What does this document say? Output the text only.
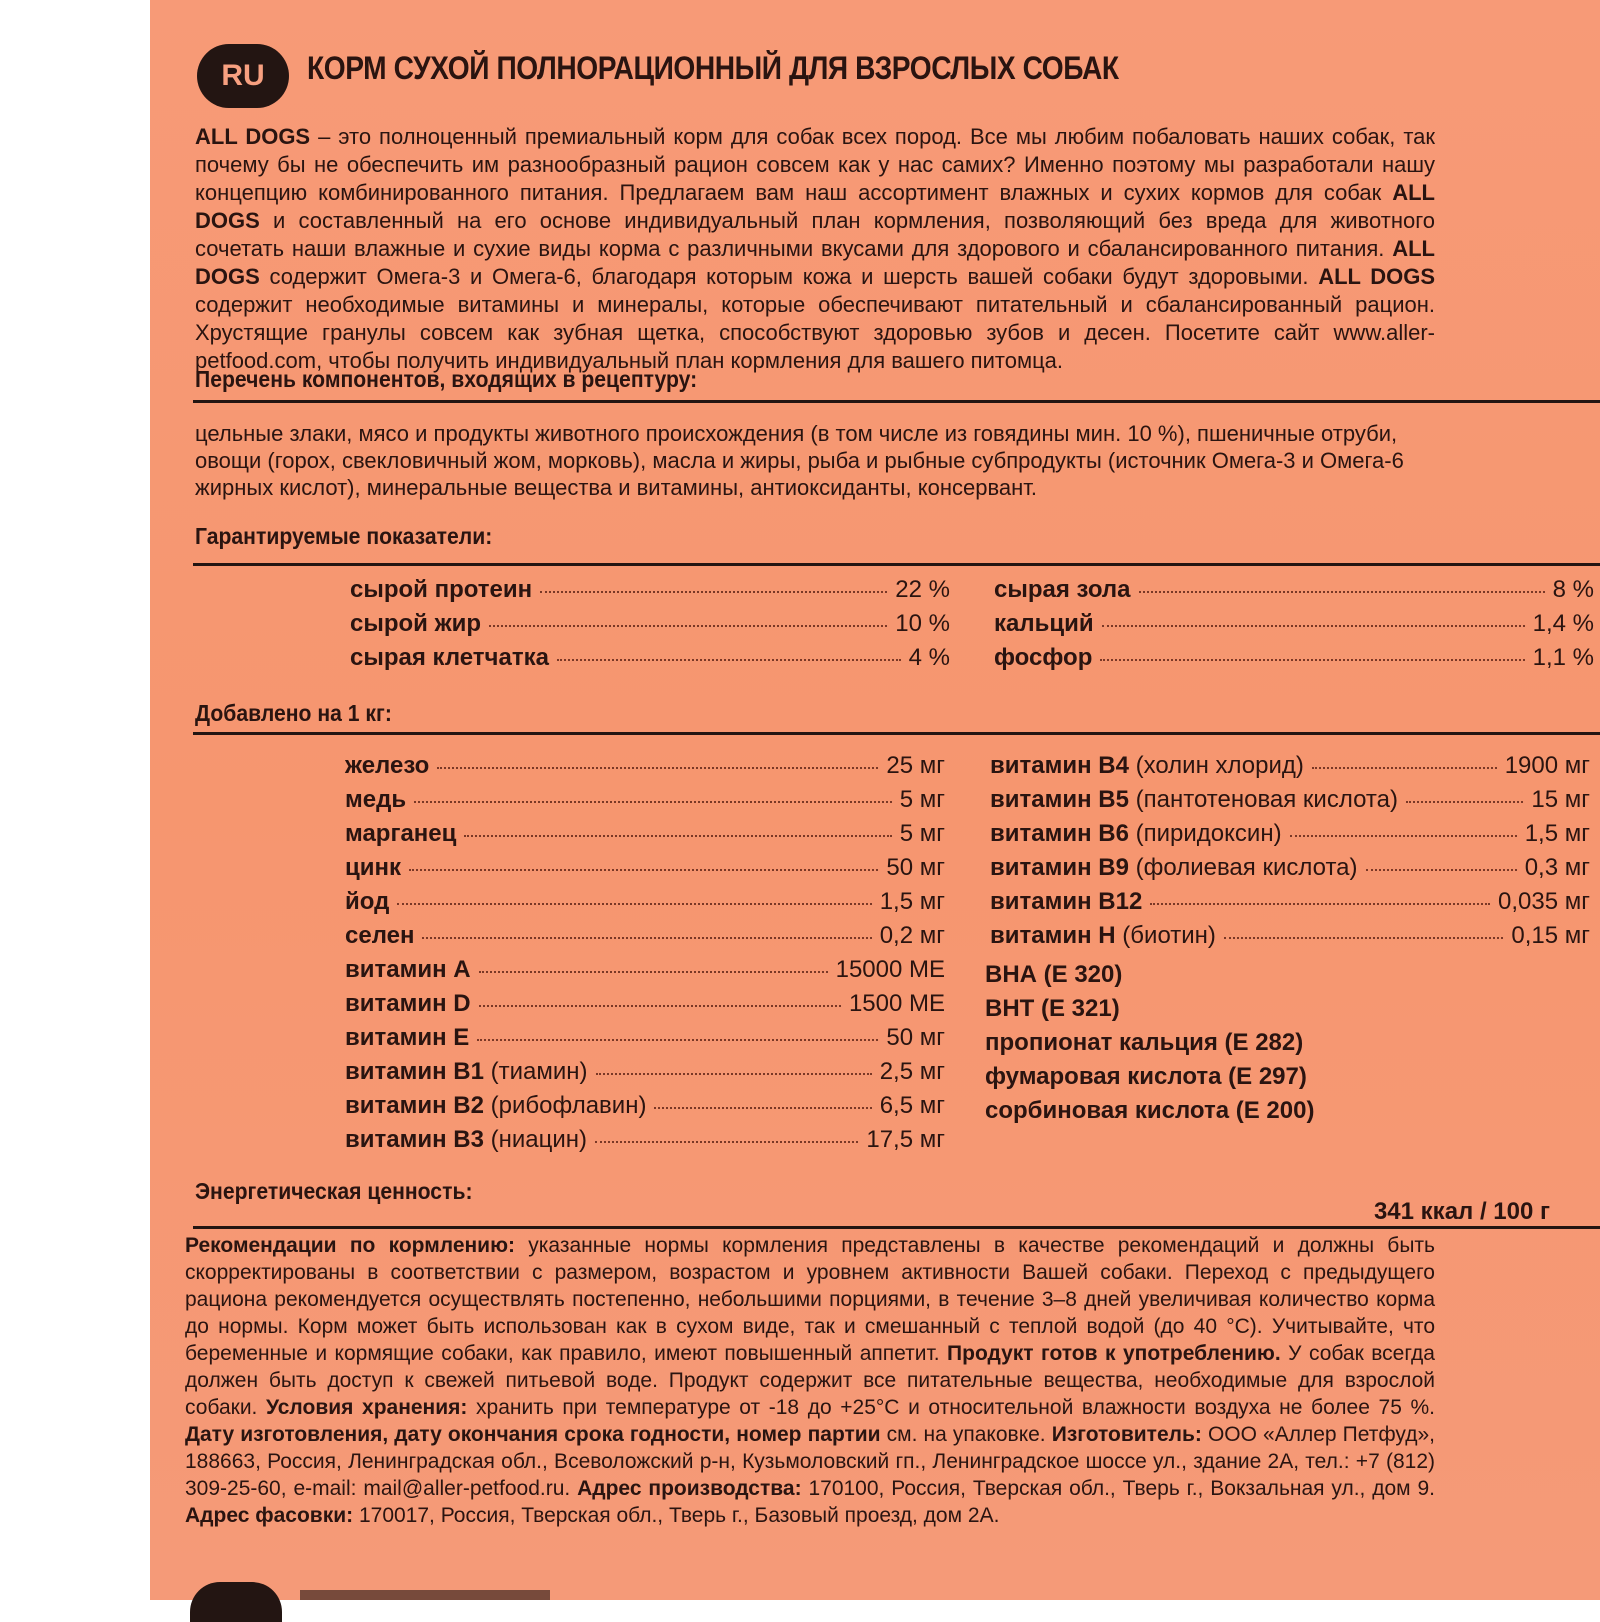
RU	КОРМ СУХОЙ ПОЛНОРАЦИОННЫЙ ДЛЯ ВЗРОСЛЫХ СОБАК
ALL DOGS – это полноценный премиальный корм для собак всех пород. Все мы любим побаловать наших собак, так почему бы не обеспечить им разнообразный рацион совсем как у нас самих? Именно поэтому мы разработали нашу концепцию комбинированного питания. Предлагаем вам наш ассортимент влажных и сухих кормов для собак ALL DOGS и составленный на его основе индивидуальный план кормления, позволяющий без вреда для животного сочетать наши влажные и сухие виды корма с различными вкусами для здорового и сбалансированного питания. ALL DOGS содержит Омега-3 и Омега-6, благодаря которым кожа и шерсть вашей собаки будут здоровыми. ALL DOGS содержит необходимые витамины и минералы, которые обеспечивают питательный и сбалансированный рацион. Хрустящие гранулы совсем как зубная щетка, способствуют здоровью зубов и десен. Посетите сайт www.aller-petfood.com, чтобы получить индивидуальный план кормления для вашего питомца.
Перечень компонентов, входящих в рецептуру:
цельные злаки, мясо и продукты животного происхождения (в том числе из говядины мин. 10 %), пшеничные отруби, овощи (горох, свекловичный жом, морковь), масла и жиры, рыба и рыбные субпродукты (источник Омега-3 и Омега-6 жирных кислот), минеральные вещества и витамины, антиоксиданты, консервант.
Гарантируемые показатели:
сырой протеин	22 %
сырой жир	10 %
сырая клетчатка	4 %
сырая зола	8 %
кальций	1,4 %
фосфор	1,1 %
Добавлено на 1 кг:
железо	25 мг
медь	5 мг
марганец	5 мг
цинк	50 мг
йод	1,5 мг
селен	0,2 мг
витамин А	15000 МЕ
витамин D	1500 МЕ
витамин Е	50 мг
витамин В1 (тиамин)	2,5 мг
витамин В2 (рибофлавин)	6,5 мг
витамин В3 (ниацин)	17,5 мг
витамин В4 (холин хлорид)	1900 мг
витамин В5 (пантотеновая кислота)	15 мг
витамин В6 (пиридоксин)	1,5 мг
витамин В9 (фолиевая кислота)	0,3 мг
витамин В12	0,035 мг
витамин Н (биотин)	0,15 мг
ВНА (Е 320)
ВНТ (Е 321)
пропионат кальция (Е 282)
фумаровая кислота (Е 297)
сорбиновая кислота (Е 200)
Энергетическая ценность:
341 ккал / 100 г
Рекомендации по кормлению: указанные нормы кормления представлены в качестве рекомендаций и должны быть скорректированы в соответствии с размером, возрастом и уровнем активности Вашей собаки. Переход с предыдущего рациона рекомендуется осуществлять постепенно, небольшими порциями, в течение 3–8 дней увеличивая количество корма до нормы. Корм может быть использован как в сухом виде, так и смешанный с теплой водой (до 40 °С). Учитывайте, что беременные и кормящие собаки, как правило, имеют повышенный аппетит. Продукт готов к употреблению. У собак всегда должен быть доступ к свежей питьевой воде. Продукт содержит все питательные вещества, необходимые для взрослой собаки. Условия хранения: хранить при температуре от -18 до +25°С и относительной влажности воздуха не более 75 %. Дату изготовления, дату окончания срока годности, номер партии см. на упаковке. Изготовитель: ООО «Аллер Петфуд», 188663, Россия, Ленинградская обл., Всеволожский р-н, Кузьмоловский гп., Ленинградское шоссе ул., здание 2А, тел.: +7 (812) 309-25-60, e-mail: mail@aller-petfood.ru. Адрес производства: 170100, Россия, Тверская обл., Тверь г., Вокзальная ул., дом 9. Адрес фасовки: 170017, Россия, Тверская обл., Тверь г., Базовый проезд, дом 2А.
